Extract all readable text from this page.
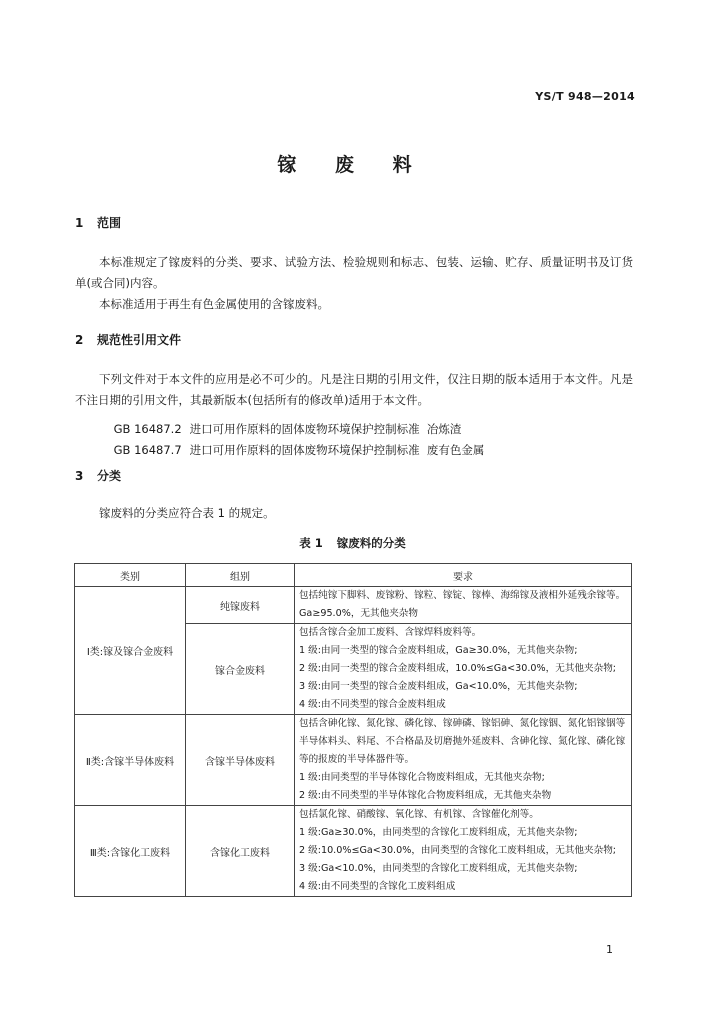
YS/T 948—2014
镓 废 料
1 范围
本标准规定了镓废料的分类、要求、试验方法、检验规则和标志、包装、运输、贮存、质量证明书及订货单(或合同)内容。
本标准适用于再生有色金属使用的含镓废料。
2 规范性引用文件
下列文件对于本文件的应用是必不可少的。凡是注日期的引用文件，仅注日期的版本适用于本文件。凡是不注日期的引用文件，其最新版本(包括所有的修改单)适用于本文件。

GB 16487.2 进口可用作原料的固体废物环境保护控制标准  冶炼渣

GB 16487.7 进口可用作原料的固体废物环境保护控制标准  废有色金属

3 分类
镓废料的分类应符合表 1 的规定。
表 1 镓废料的分类
类别	组别	要求
Ⅰ类:镓及镓合金废料	纯镓废料	包括纯镓下脚料、废镓粉、镓粒、镓锭、镓棒、海绵镓及液相外延残余镓等。
Ga≥95.0%，无其他夹杂物

	镓合金废料	包括含镓合金加工废料、含镓焊料废料等。
1 级:由同一类型的镓合金废料组成，Ga≥30.0%，无其他夹杂物;
2 级:由同一类型的镓合金废料组成，10.0%≤Ga<30.0%，无其他夹杂物;
3 级:由同一类型的镓合金废料组成，Ga<10.0%，无其他夹杂物;
4 级:由不同类型的镓合金废料组成

Ⅱ类:含镓半导体废料	含镓半导体废料	包括含砷化镓、氮化镓、磷化镓、镓砷磷、镓铝砷、氮化镓铟、氮化铝镓铟等半导体料头、料尾、不合格晶及切磨抛外延废料、含砷化镓、氮化镓、磷化镓等的报废的半导体器件等。
1 级:由同类型的半导体镓化合物废料组成，无其他夹杂物;
2 级:由不同类型的半导体镓化合物废料组成，无其他夹杂物

Ⅲ类:含镓化工废料	含镓化工废料	包括氯化镓、硝酸镓、氧化镓、有机镓、含镓催化剂等。
1 级:Ga≥30.0%，由同类型的含镓化工废料组成，无其他夹杂物;
2 级:10.0%≤Ga<30.0%，由同类型的含镓化工废料组成，无其他夹杂物;
3 级:Ga<10.0%，由同类型的含镓化工废料组成，无其他夹杂物;
4 级:由不同类型的含镓化工废料组成
1
